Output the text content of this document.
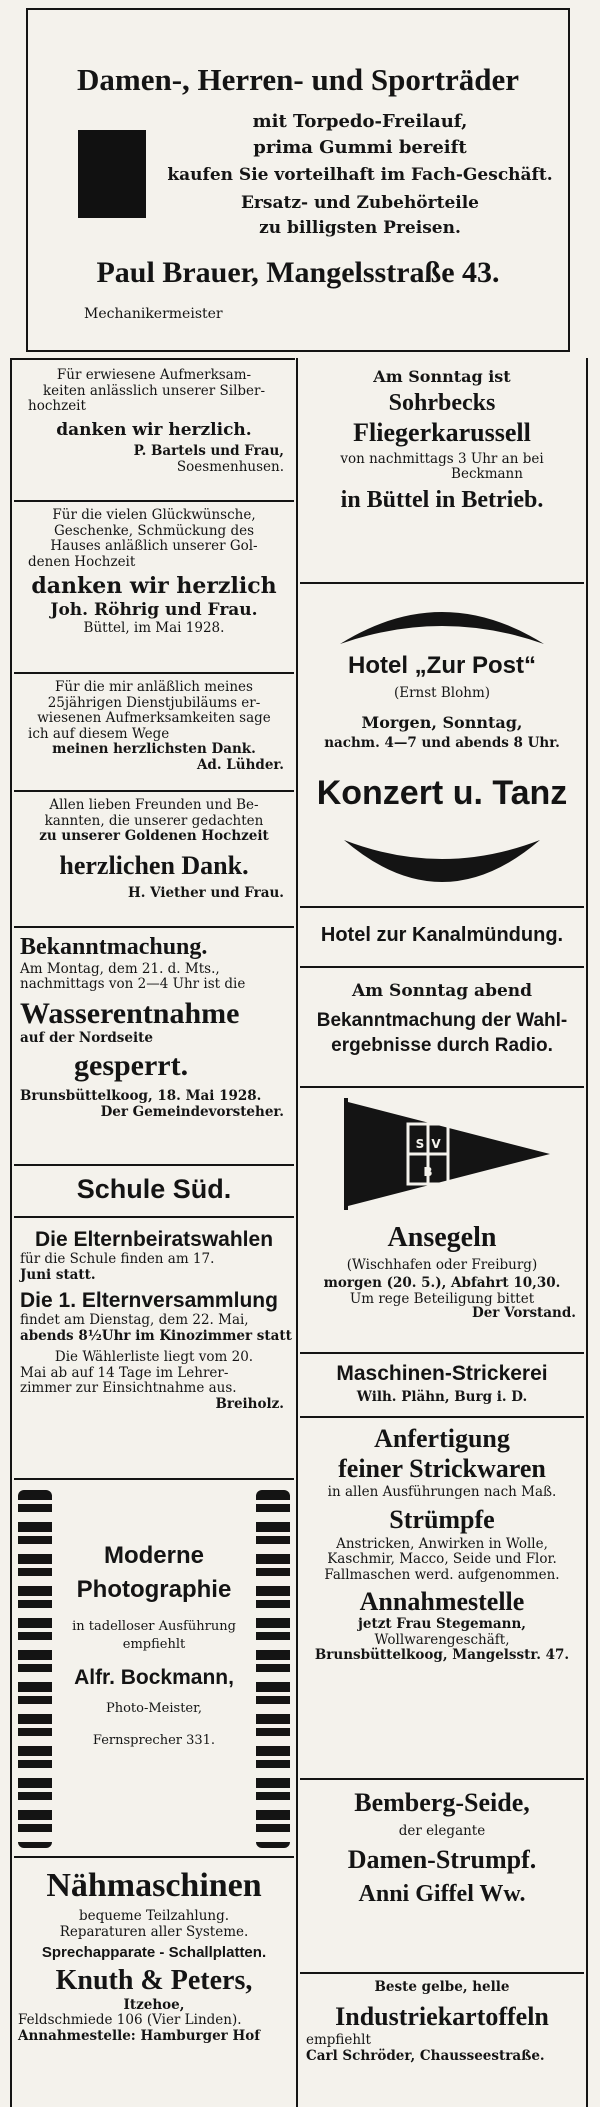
Damen-, Herren- und Sporträder
mit Torpedo-Freilauf,
prima Gummi bereift
kaufen Sie vorteilhaft im Fach-Geschäft.
Ersatz- und Zubehörteile
zu billigsten Preisen.
Paul Brauer, Mangelsstraße 43.
Mechanikermeister
Für erwiesene Aufmerksam-
keiten anlässlich unserer Silber-
hochzeit
danken wir herzlich.
P. Bartels und Frau,
Soesmenhusen.
Für die vielen Glückwünsche,
Geschenke, Schmückung des
Hauses anläßlich unserer Gol-
denen Hochzeit
danken wir herzlich
Joh. Röhrig und Frau.
Büttel, im Mai 1928.
Für die mir anläßlich meines
25jährigen Dienstjubiläums er-
wiesenen Aufmerksamkeiten sage
ich auf diesem Wege
meinen herzlichsten Dank.
Ad. Lühder.
Allen lieben Freunden und Be-
kannten, die unserer gedachten
zu unserer Goldenen Hochzeit
herzlichen Dank.
H. Viether und Frau.
Bekanntmachung.
Am Montag, dem 21. d. Mts.,
nachmittags von 2—4 Uhr ist die
Wasserentnahme
auf der Nordseite
gesperrt.
Brunsbüttelkoog, 18. Mai 1928.
Der Gemeindevorsteher.
Schule Süd.
Die Elternbeiratswahlen
für die Schule finden am 17.
Juni statt.
Die 1. Elternversammlung
findet am Dienstag, dem 22. Mai,
abends 8½Uhr im Kinozimmer statt
Die Wählerliste liegt vom 20.
Mai ab auf 14 Tage im Lehrer-
zimmer zur Einsichtnahme aus.
Breiholz.
Moderne
Photographie
in tadelloser Ausführung
empfiehlt
Alfr. Bockmann,
Photo-Meister,
Fernsprecher 331.
Nähmaschinen
bequeme Teilzahlung.
Reparaturen aller Systeme.
Sprechapparate - Schallplatten.
Knuth & Peters,
Itzehoe,
Feldschmiede 106 (Vier Linden).
Annahmestelle: Hamburger Hof
Am Sonntag ist
Sohrbecks
Fliegerkarussell
von nachmittags 3 Uhr an bei
Beckmann
in Büttel in Betrieb.
Hotel „Zur Post“
(Ernst Blohm)
Morgen, Sonntag,
nachm. 4—7 und abends 8 Uhr.
Konzert u. Tanz
Hotel zur Kanalmündung.
Am Sonntag abend
Bekanntmachung der Wahl-
ergebnisse durch Radio.
S V
B
Ansegeln
(Wischhafen oder Freiburg)
morgen (20. 5.), Abfahrt 10,30.
Um rege Beteiligung bittet
Der Vorstand.
Maschinen-Strickerei
Wilh. Plähn, Burg i. D.
Anfertigung
feiner Strickwaren
in allen Ausführungen nach Maß.
Strümpfe
Anstricken, Anwirken in Wolle,
Kaschmir, Macco, Seide und Flor.
Fallmaschen werd. aufgenommen.
Annahmestelle
jetzt Frau Stegemann,
Wollwarengeschäft,
Brunsbüttelkoog, Mangelsstr. 47.
Bemberg-Seide,
der elegante
Damen-Strumpf.
Anni Giffel Ww.
Beste gelbe, helle
Industriekartoffeln
empfiehlt
Carl Schröder, Chausseestraße.
